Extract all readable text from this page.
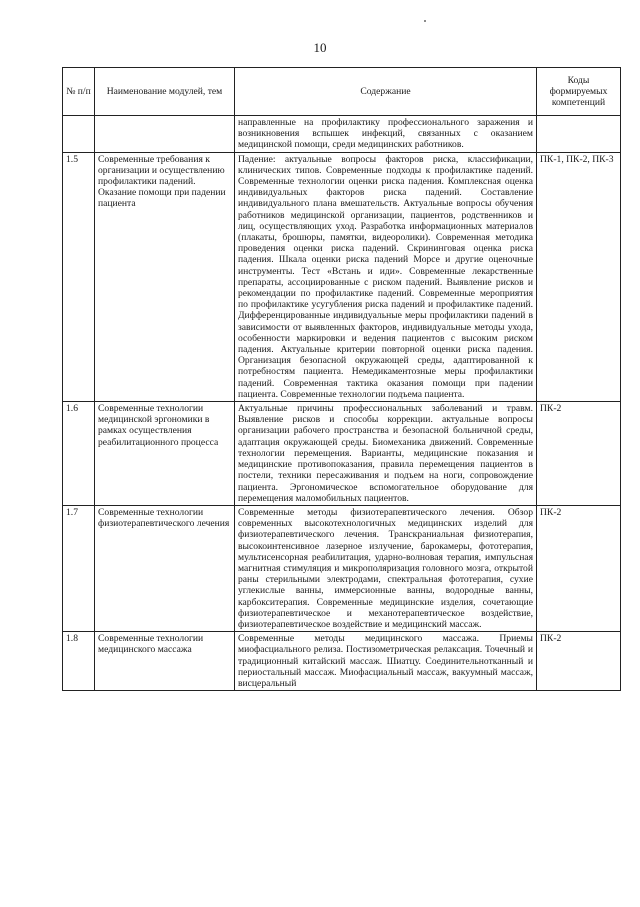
10
№ п/п	Наименование модулей, тем	Содержание	Коды формируемых компетенций
		направленные на профилактику профессионального заражения и возникновения вспышек инфекций, связанных с оказанием медицинской помощи, среди медицинских работников.	
1.5	Современные требования к организации и осуществлению профилактики падений. Оказание помощи при падении пациента	Падение: актуальные вопросы факторов риска, классификации, клинических типов. Современные подходы к профилактике падений. Современные технологии оценки риска падения. Комплексная оценка индивидуальных факторов риска падений. Составление индивидуального плана вмешательств. Актуальные вопросы обучения работников медицинской организации, пациентов, родственников и лиц, осуществляющих уход. Разработка информационных материалов (плакаты, брошюры, памятки, видеоролики). Современная методика проведения оценки риска падений. Скрининговая оценка риска падения. Шкала оценки риска падений Морсе и другие оценочные инструменты. Тест «Встань и иди». Современные лекарственные препараты, ассоциированные с риском падений. Выявление рисков и рекомендации по профилактике падений. Современные мероприятия по профилактике усугубления риска падений и профилактике падений. Дифференцированные индивидуальные меры профилактики падений в зависимости от выявленных факторов, индивидуальные методы ухода, особенности маркировки и ведения пациентов с высоким риском падения. Актуальные критерии повторной оценки риска падения. Организация безопасной окружающей среды, адаптированной к потребностям пациента. Немедикаментозные меры профилактики падений. Современная тактика оказания помощи при падении пациента. Современные технологии подъема пациента.	ПК-1, ПК-2, ПК-3
1.6	Современные технологии медицинской эргономики в рамках осуществления реабилитационного процесса	Актуальные причины профессиональных заболеваний и травм. Выявление рисков и способы коррекции. актуальные вопросы организации рабочего пространства и безопасной больничной среды, адаптация окружающей среды. Биомеханика движений. Современные технологии перемещения. Варианты, медицинские показания и медицинские противопоказания, правила перемещения пациентов в постели, техники пересаживания и подъем на ноги, сопровождение пациента. Эргономическое вспомогательное оборудование для перемещения маломобильных пациентов.	ПК-2
1.7	Современные технологии физиотерапевтического лечения	Современные методы физиотерапевтического лечения. Обзор современных высокотехнологичных медицинских изделий для физиотерапевтического лечения. Транскраниальная физиотерапия, высокоинтенсивное лазерное излучение, барокамеры, фототерапия, мультисенсорная реабилитация, ударно-волновая терапия, импульсная магнитная стимуляция и микрополяризация головного мозга, открытой раны стерильными электродами, спектральная фототерапия, сухие углекислые ванны, иммерсионные ванны, водородные ванны, карбокситерапия. Современные медицинские изделия, сочетающие физиотерапевтическое и механотерапевтическое воздействие, физиотерапевтическое воздействие и медицинский массаж.	ПК-2
1.8	Современные технологии медицинского массажа	Современные методы медицинского массажа. Приемы миофасциального релиза. Постизометрическая релаксация. Точечный и традиционный китайский массаж. Шиатцу. Соединительнотканный и периостальный массаж. Миофасциальный массаж, вакуумный массаж, висцеральный	ПК-2
